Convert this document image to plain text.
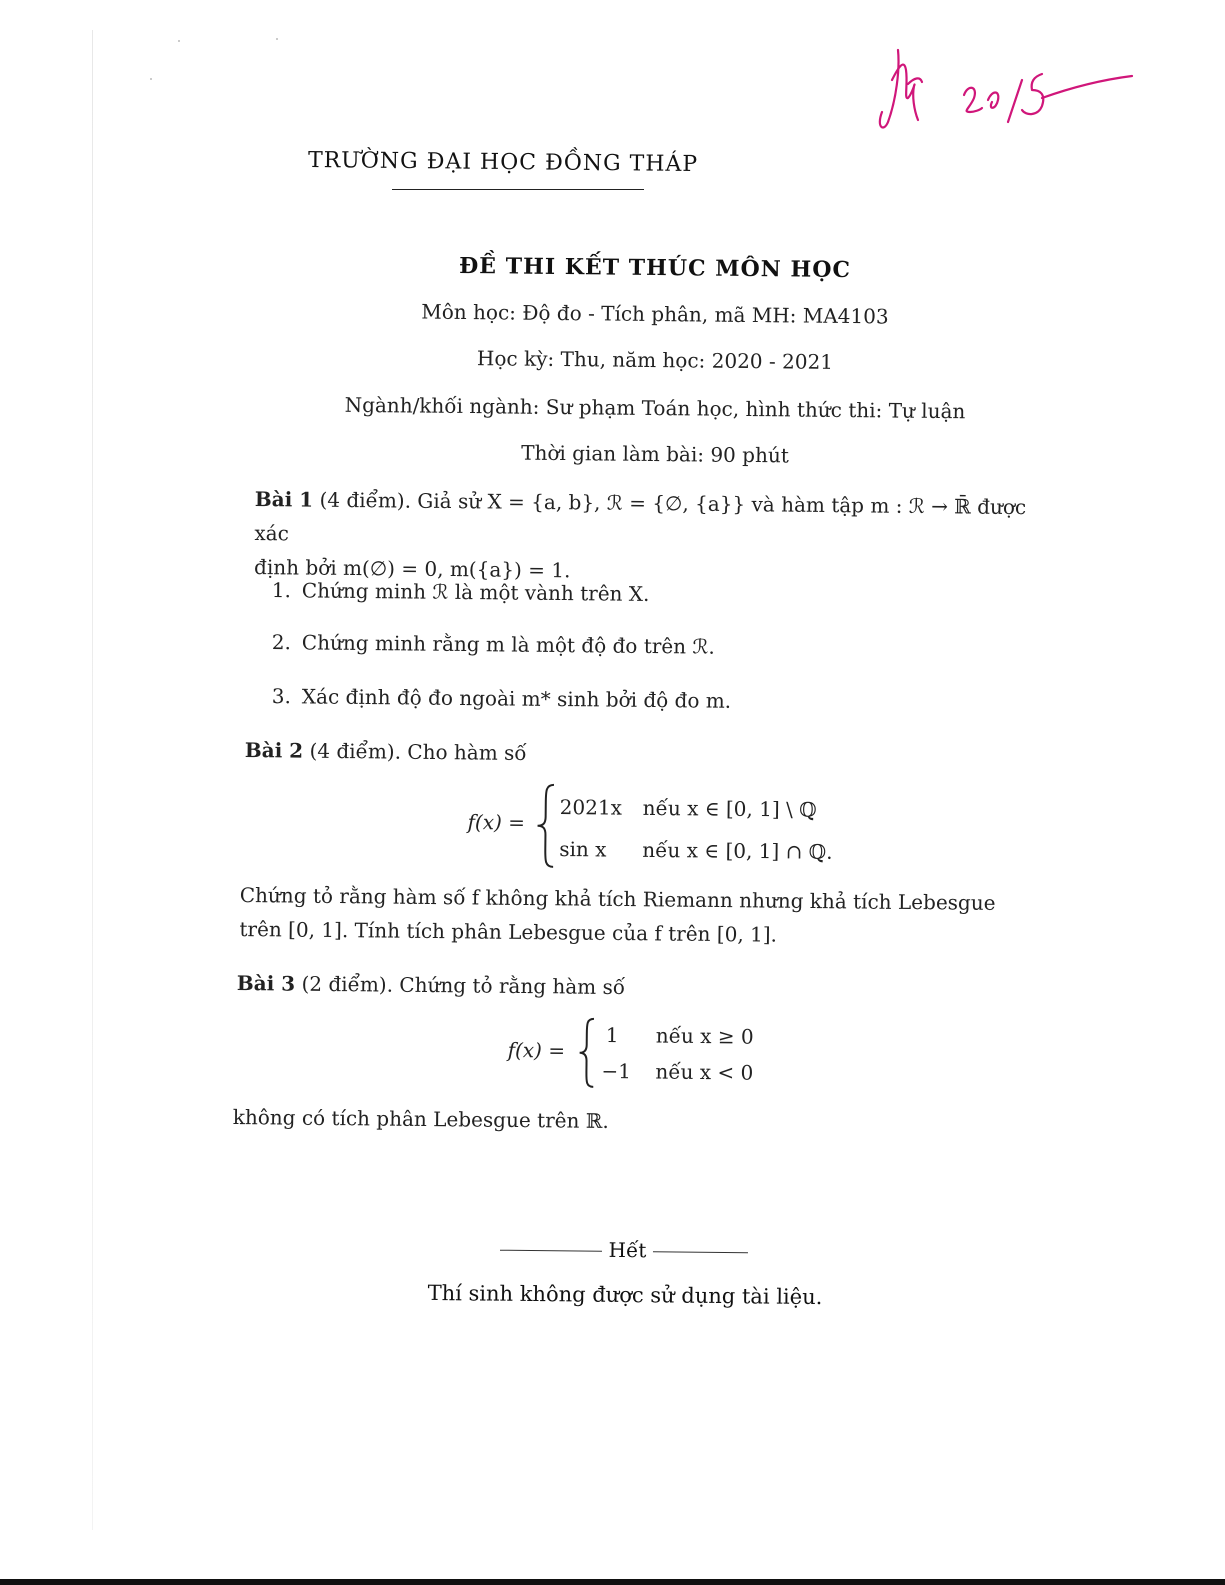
TRƯỜNG ĐẠI HỌC ĐỒNG THÁP
ĐỀ THI KẾT THÚC MÔN HỌC
Môn học: Độ đo - Tích phân, mã MH: MA4103
Học kỳ: Thu, năm học: 2020 - 2021
Ngành/khối ngành: Sư phạm Toán học, hình thức thi: Tự luận
Thời gian làm bài: 90 phút
Bài 1 (4 điểm). Giả sử X = {a, b}, ℛ = {∅, {a}} và hàm tập m : ℛ → ℝ̄ được xác
định bởi m(∅) = 0, m({a}) = 1.
1. Chứng minh ℛ là một vành trên X.
2. Chứng minh rằng m là một độ đo trên ℛ.
3. Xác định độ đo ngoài m* sinh bởi độ đo m.
Bài 2 (4 điểm). Cho hàm số
f(x) =
2021x nếu x ∈ [0, 1] \ ℚ
sin x nếu x ∈ [0, 1] ∩ ℚ.
Chứng tỏ rằng hàm số f không khả tích Riemann nhưng khả tích Lebesgue
trên [0, 1]. Tính tích phân Lebesgue của f trên [0, 1].
Bài 3 (2 điểm). Chứng tỏ rằng hàm số
f(x) =
1 nếu x ≥ 0
−1 nếu x < 0
không có tích phân Lebesgue trên ℝ.
Hết
Thí sinh không được sử dụng tài liệu.
